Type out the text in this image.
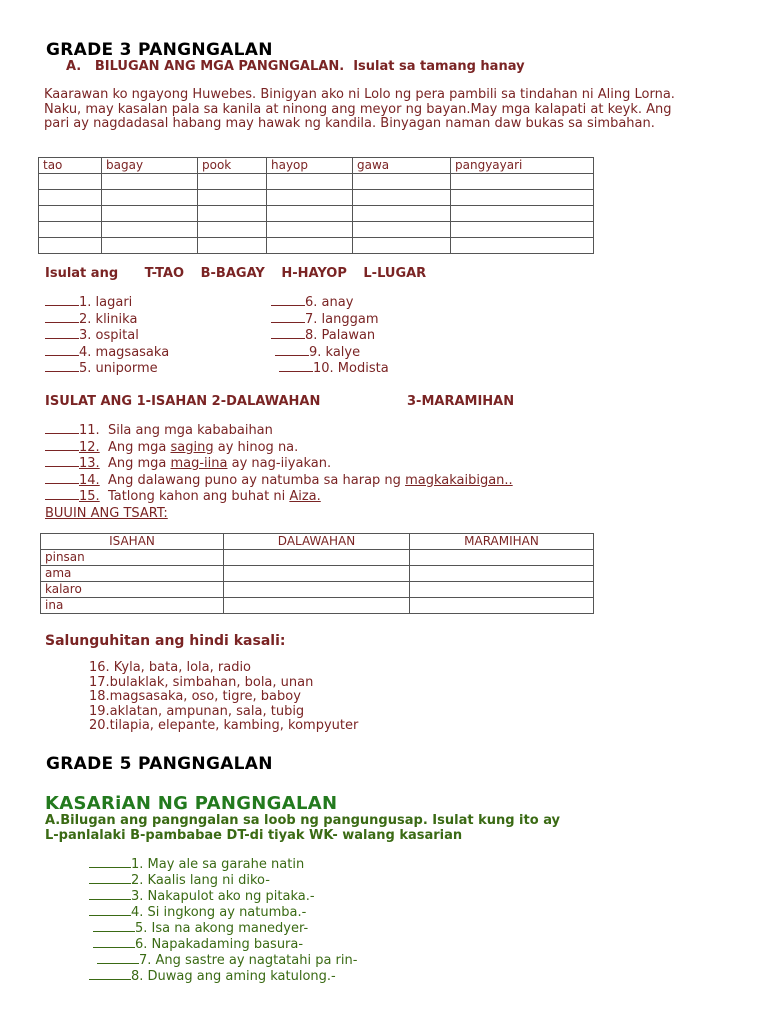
GRADE 3 PANGNGALAN
A. BILUGAN ANG MGA PANGNGALAN. Isulat sa tamang hanay
Kaarawan ko ngayong Huwebes. Binigyan ako ni Lolo ng pera pambili sa tindahan ni Aling Lorna.
Naku, may kasalan pala sa kanila at ninong ang meyor ng bayan.May mga kalapati at keyk. Ang
pari ay nagdadasal habang may hawak ng kandila. Binyagan naman daw bukas sa simbahan.
tao	bagay	pook	hayop	gawa	pangyayari

Isulat ang T-TAO B-BAGAY H-HAYOP L-LUGAR
1. lagari
2. klinika
3. ospital
4. magsasaka
5. uniporme
6. anay
7. langgam
8. Palawan
9. kalye
10. Modista
ISULAT ANG 1-ISAHAN 2-DALAWAHAN	3-MARAMIHAN
11. Sila ang mga kababaihan
12. Ang mga saging ay hinog na.
13. Ang mga mag-iina ay nag-iiyakan.
14. Ang dalawang puno ay natumba sa harap ng magkakaibigan..
15. Tatlong kahon ang buhat ni Aiza.
BUUIN ANG TSART:
ISAHAN	DALAWAHAN	MARAMIHAN
pinsan		
ama		
kalaro		
ina		
Salunguhitan ang hindi kasali:
16. Kyla, bata, lola, radio
17.bulaklak, simbahan, bola, unan
18.magsasaka, oso, tigre, baboy
19.aklatan, ampunan, sala, tubig
20.tilapia, elepante, kambing, kompyuter
GRADE 5 PANGNGALAN
KASARiAN NG PANGNGALAN
A.Bilugan ang pangngalan sa loob ng pangungusap. Isulat kung ito ay
L-panlalaki B-pambabae DT-di tiyak WK- walang kasarian
1. May ale sa garahe natin
2. Kaalis lang ni diko-
3. Nakapulot ako ng pitaka.-
4. Si ingkong ay natumba.-
5. Isa na akong manedyer-
6. Napakadaming basura-
7. Ang sastre ay nagtatahi pa rin-
8. Duwag ang aming katulong.-
